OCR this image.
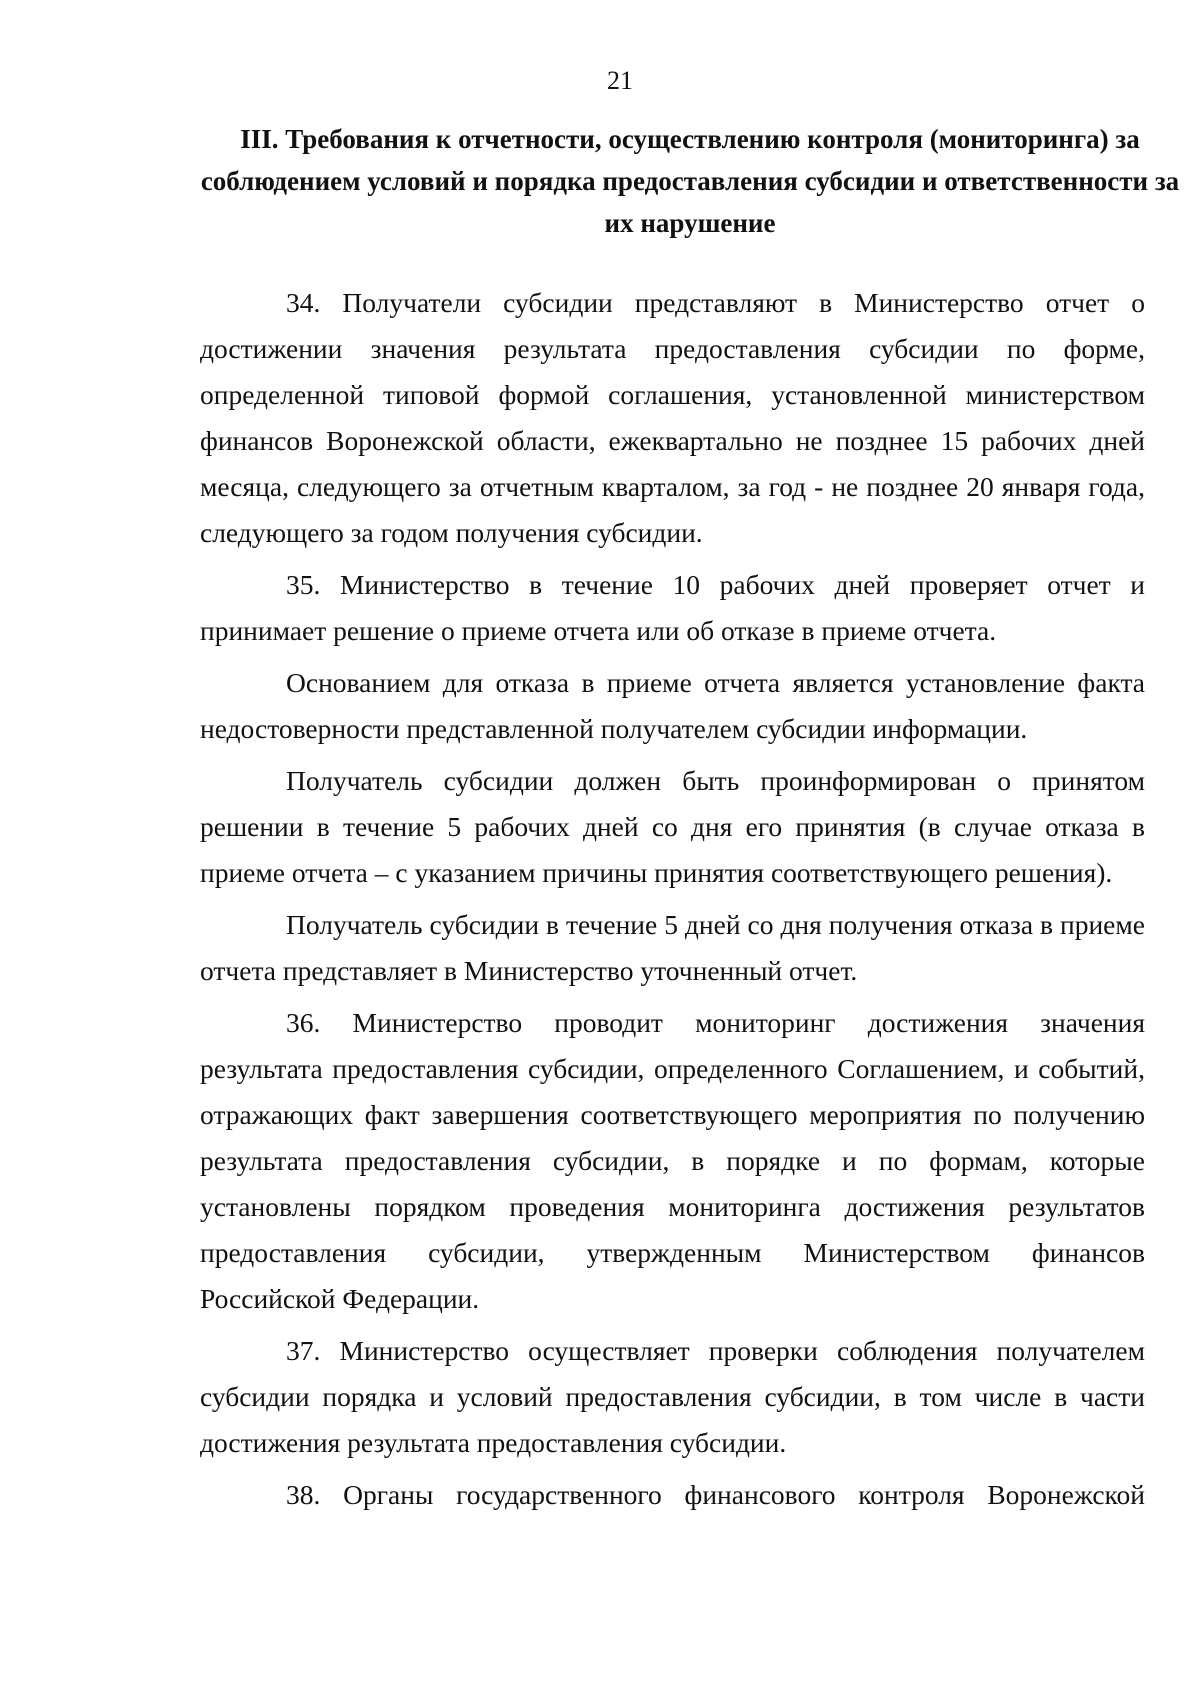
21
III. Требования к отчетности, осуществлению контроля (мониторинга) за соблюдением условий и порядка предоставления субсидии и ответственности за их нарушение

34. Получатели субсидии представляют в Министерство отчет о достижении значения результата предоставления субсидии по форме, определенной типовой формой соглашения, установленной министерством финансов Воронежской области, ежеквартально не позднее 15 рабочих дней месяца, следующего за отчетным кварталом, за год - не позднее 20 января года, следующего за годом получения субсидии.

35. Министерство в течение 10 рабочих дней проверяет отчет и принимает решение о приеме отчета или об отказе в приеме отчета.

Основанием для отказа в приеме отчета является установление факта недостоверности представленной получателем субсидии информации.

Получатель субсидии должен быть проинформирован о принятом решении в течение 5 рабочих дней со дня его принятия (в случае отказа в приеме отчета – с указанием причины принятия соответствующего решения).

Получатель субсидии в течение 5 дней со дня получения отказа в приеме отчета представляет в Министерство уточненный отчет.

36. Министерство проводит мониторинг достижения значения результата предоставления субсидии, определенного Соглашением, и событий, отражающих факт завершения соответствующего мероприятия по получению результата предоставления субсидии, в порядке и по формам, которые установлены порядком проведения мониторинга достижения результатов предоставления субсидии, утвержденным Министерством финансов Российской Федерации.

37. Министерство осуществляет проверки соблюдения получателем субсидии порядка и условий предоставления субсидии, в том числе в части достижения результата предоставления субсидии.

38. Органы государственного финансового контроля Воронежской
